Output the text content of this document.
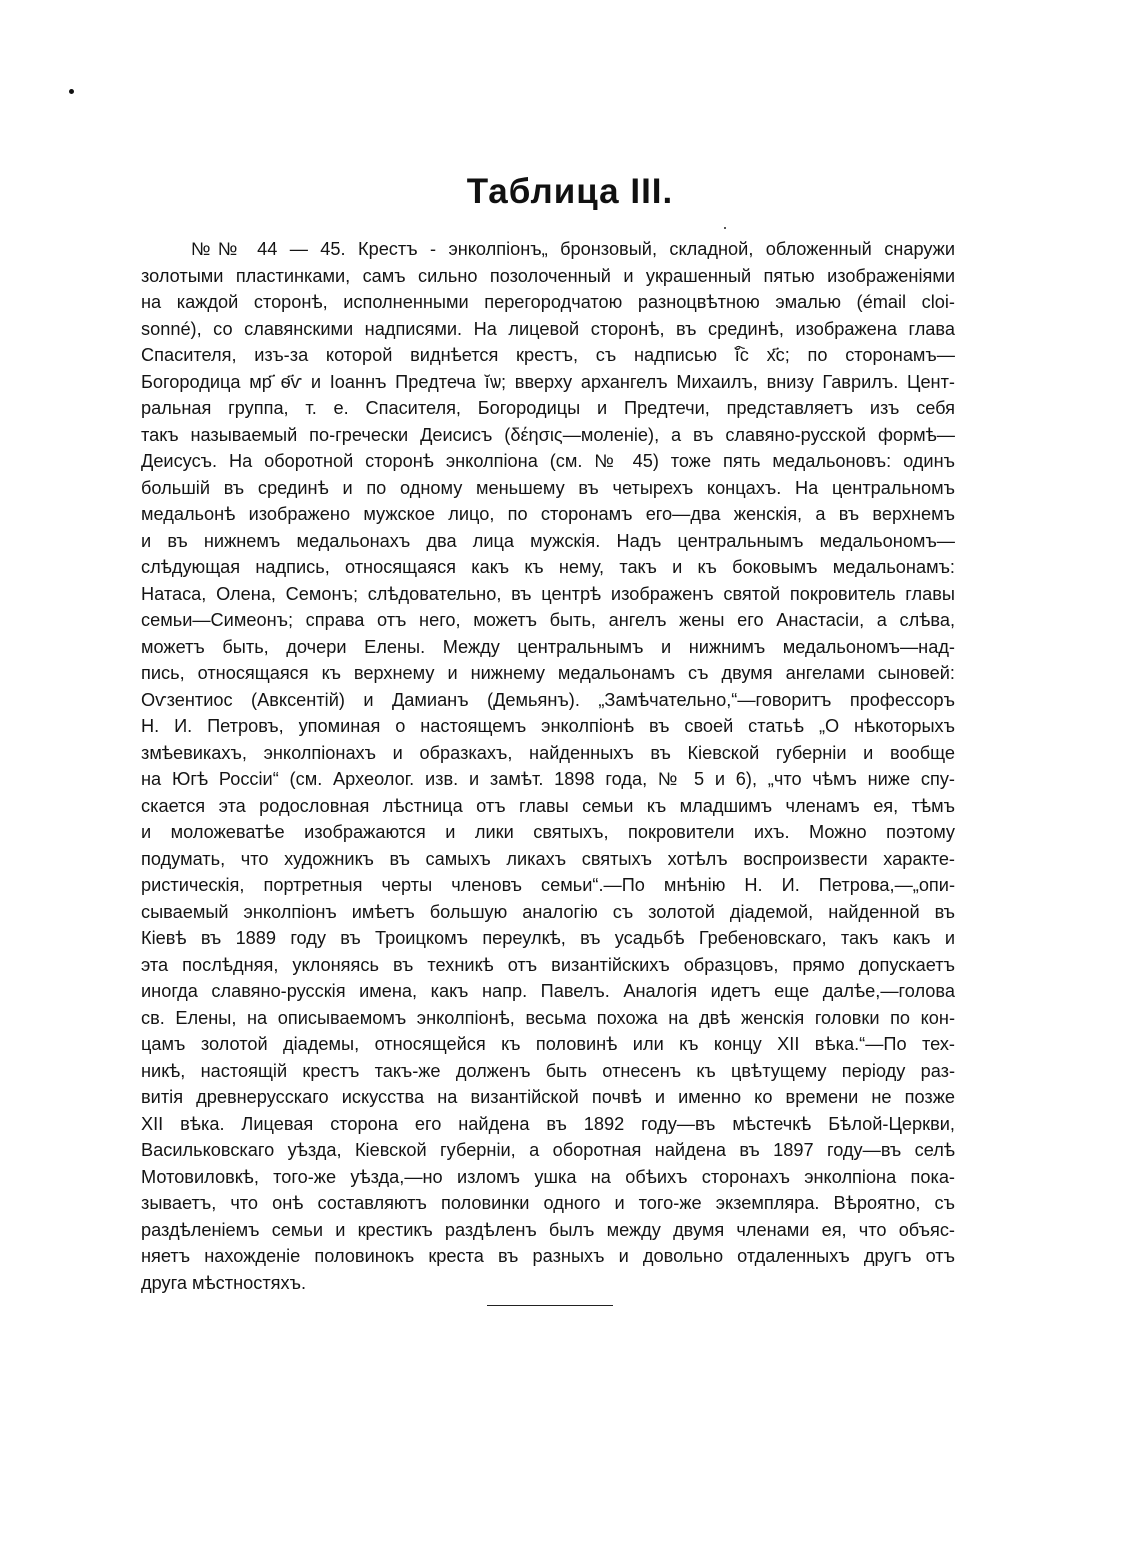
Таблица III.
№№ 44 — 45. Крестъ - энколпіонъ„ бронзовый, складной, обложенный снаружи
золотыми пластинками, самъ сильно позолоченный и украшенный пятью изображеніями
на каждой сторонѣ, исполненными перегородчатою разноцвѣтною эмалью (émail cloi-
sonné), со славянскими надписями. На лицевой сторонѣ, въ срединѣ, изображена глава
Спасителя, изъ-за которой виднѣется крестъ, съ надписью ĭ҇с х҃с; по сторонамъ—
Богородица мр҃ ѳ҃ѵ и Іоаннъ Предтеча ĭѡ; вверху архангелъ Михаилъ, внизу Гаврилъ. Цент-
ральная группа, т. е. Спасителя, Богородицы и Предтечи, представляетъ изъ себя
такъ называемый по-гречески Деисисъ (δέησις—моленіе), а въ славяно-русской формѣ—
Деисусъ. На оборотной сторонѣ энколпіона (см. № 45) тоже пять медальоновъ: одинъ
большій въ срединѣ и по одному меньшему въ четырехъ концахъ. На центральномъ
медальонѣ изображено мужское лицо, по сторонамъ его—два женскія, а въ верхнемъ
и въ нижнемъ медальонахъ два лица мужскія. Надъ центральнымъ медальономъ—
слѣдующая надпись, относящаяся какъ къ нему, такъ и къ боковымъ медальонамъ:
Натаса, Олена, Семонъ; слѣдовательно, въ центрѣ изображенъ святой покровитель главы
семьи—Симеонъ; справа отъ него, можетъ быть, ангелъ жены его Анастасіи, а слѣва,
можетъ быть, дочери Елены. Между центральнымъ и нижнимъ медальономъ—над-
пись, относящаяся къ верхнему и нижнему медальонамъ съ двумя ангелами сыновей:
Оѵзентиос (Авксентій) и Дамианъ (Демьянъ). „Замѣчательно,“—говоритъ профессоръ
Н. И. Петровъ, упоминая о настоящемъ энколпіонѣ въ своей статьѣ „О нѣкоторыхъ
змѣевикахъ, энколпіонахъ и образкахъ, найденныхъ въ Кіевской губерніи и вообще
на Югѣ Россіи“ (см. Археолог. изв. и замѣт. 1898 года, № 5 и 6), „что чѣмъ ниже спу-
скается эта родословная лѣстница отъ главы семьи къ младшимъ членамъ ея, тѣмъ
и моложеватѣе изображаются и лики святыхъ, покровители ихъ. Можно поэтому
подумать, что художникъ въ самыхъ ликахъ святыхъ хотѣлъ воспроизвести характе-
ристическія, портретныя черты членовъ семьи“.—По мнѣнію Н. И. Петрова,—„опи-
сываемый энколпіонъ имѣетъ большую аналогію съ золотой діадемой, найденной въ
Кіевѣ въ 1889 году въ Троицкомъ переулкѣ, въ усадьбѣ Гребеновскаго, такъ какъ и
эта послѣдняя, уклоняясь въ техникѣ отъ византійскихъ образцовъ, прямо допускаетъ
иногда славяно-русскія имена, какъ напр. Павелъ. Аналогія идетъ еще далѣе,—голова
св. Елены, на описываемомъ энколпіонѣ, весьма похожа на двѣ женскія головки по кон-
цамъ золотой діадемы, относящейся къ половинѣ или къ концу XII вѣка.“—По тех-
никѣ, настоящій крестъ такъ-же долженъ быть отнесенъ къ цвѣтущему періоду раз-
витія древнерусскаго искусства на византійской почвѣ и именно ко времени не позже
XII вѣка. Лицевая сторона его найдена въ 1892 году—въ мѣстечкѣ Бѣлой-Церкви,
Васильковскаго уѣзда, Кіевской губерніи, а оборотная найдена въ 1897 году—въ селѣ
Мотовиловкѣ, того-же уѣзда,—но изломъ ушка на обѣихъ сторонахъ энколпіона пока-
зываетъ, что онѣ составляютъ половинки одного и того-же экземпляра. Вѣроятно, съ
раздѣленіемъ семьи и крестикъ раздѣленъ былъ между двумя членами ея, что объяс-
няетъ нахожденіе половинокъ креста въ разныхъ и довольно отдаленныхъ другъ отъ
друга мѣстностяхъ.
